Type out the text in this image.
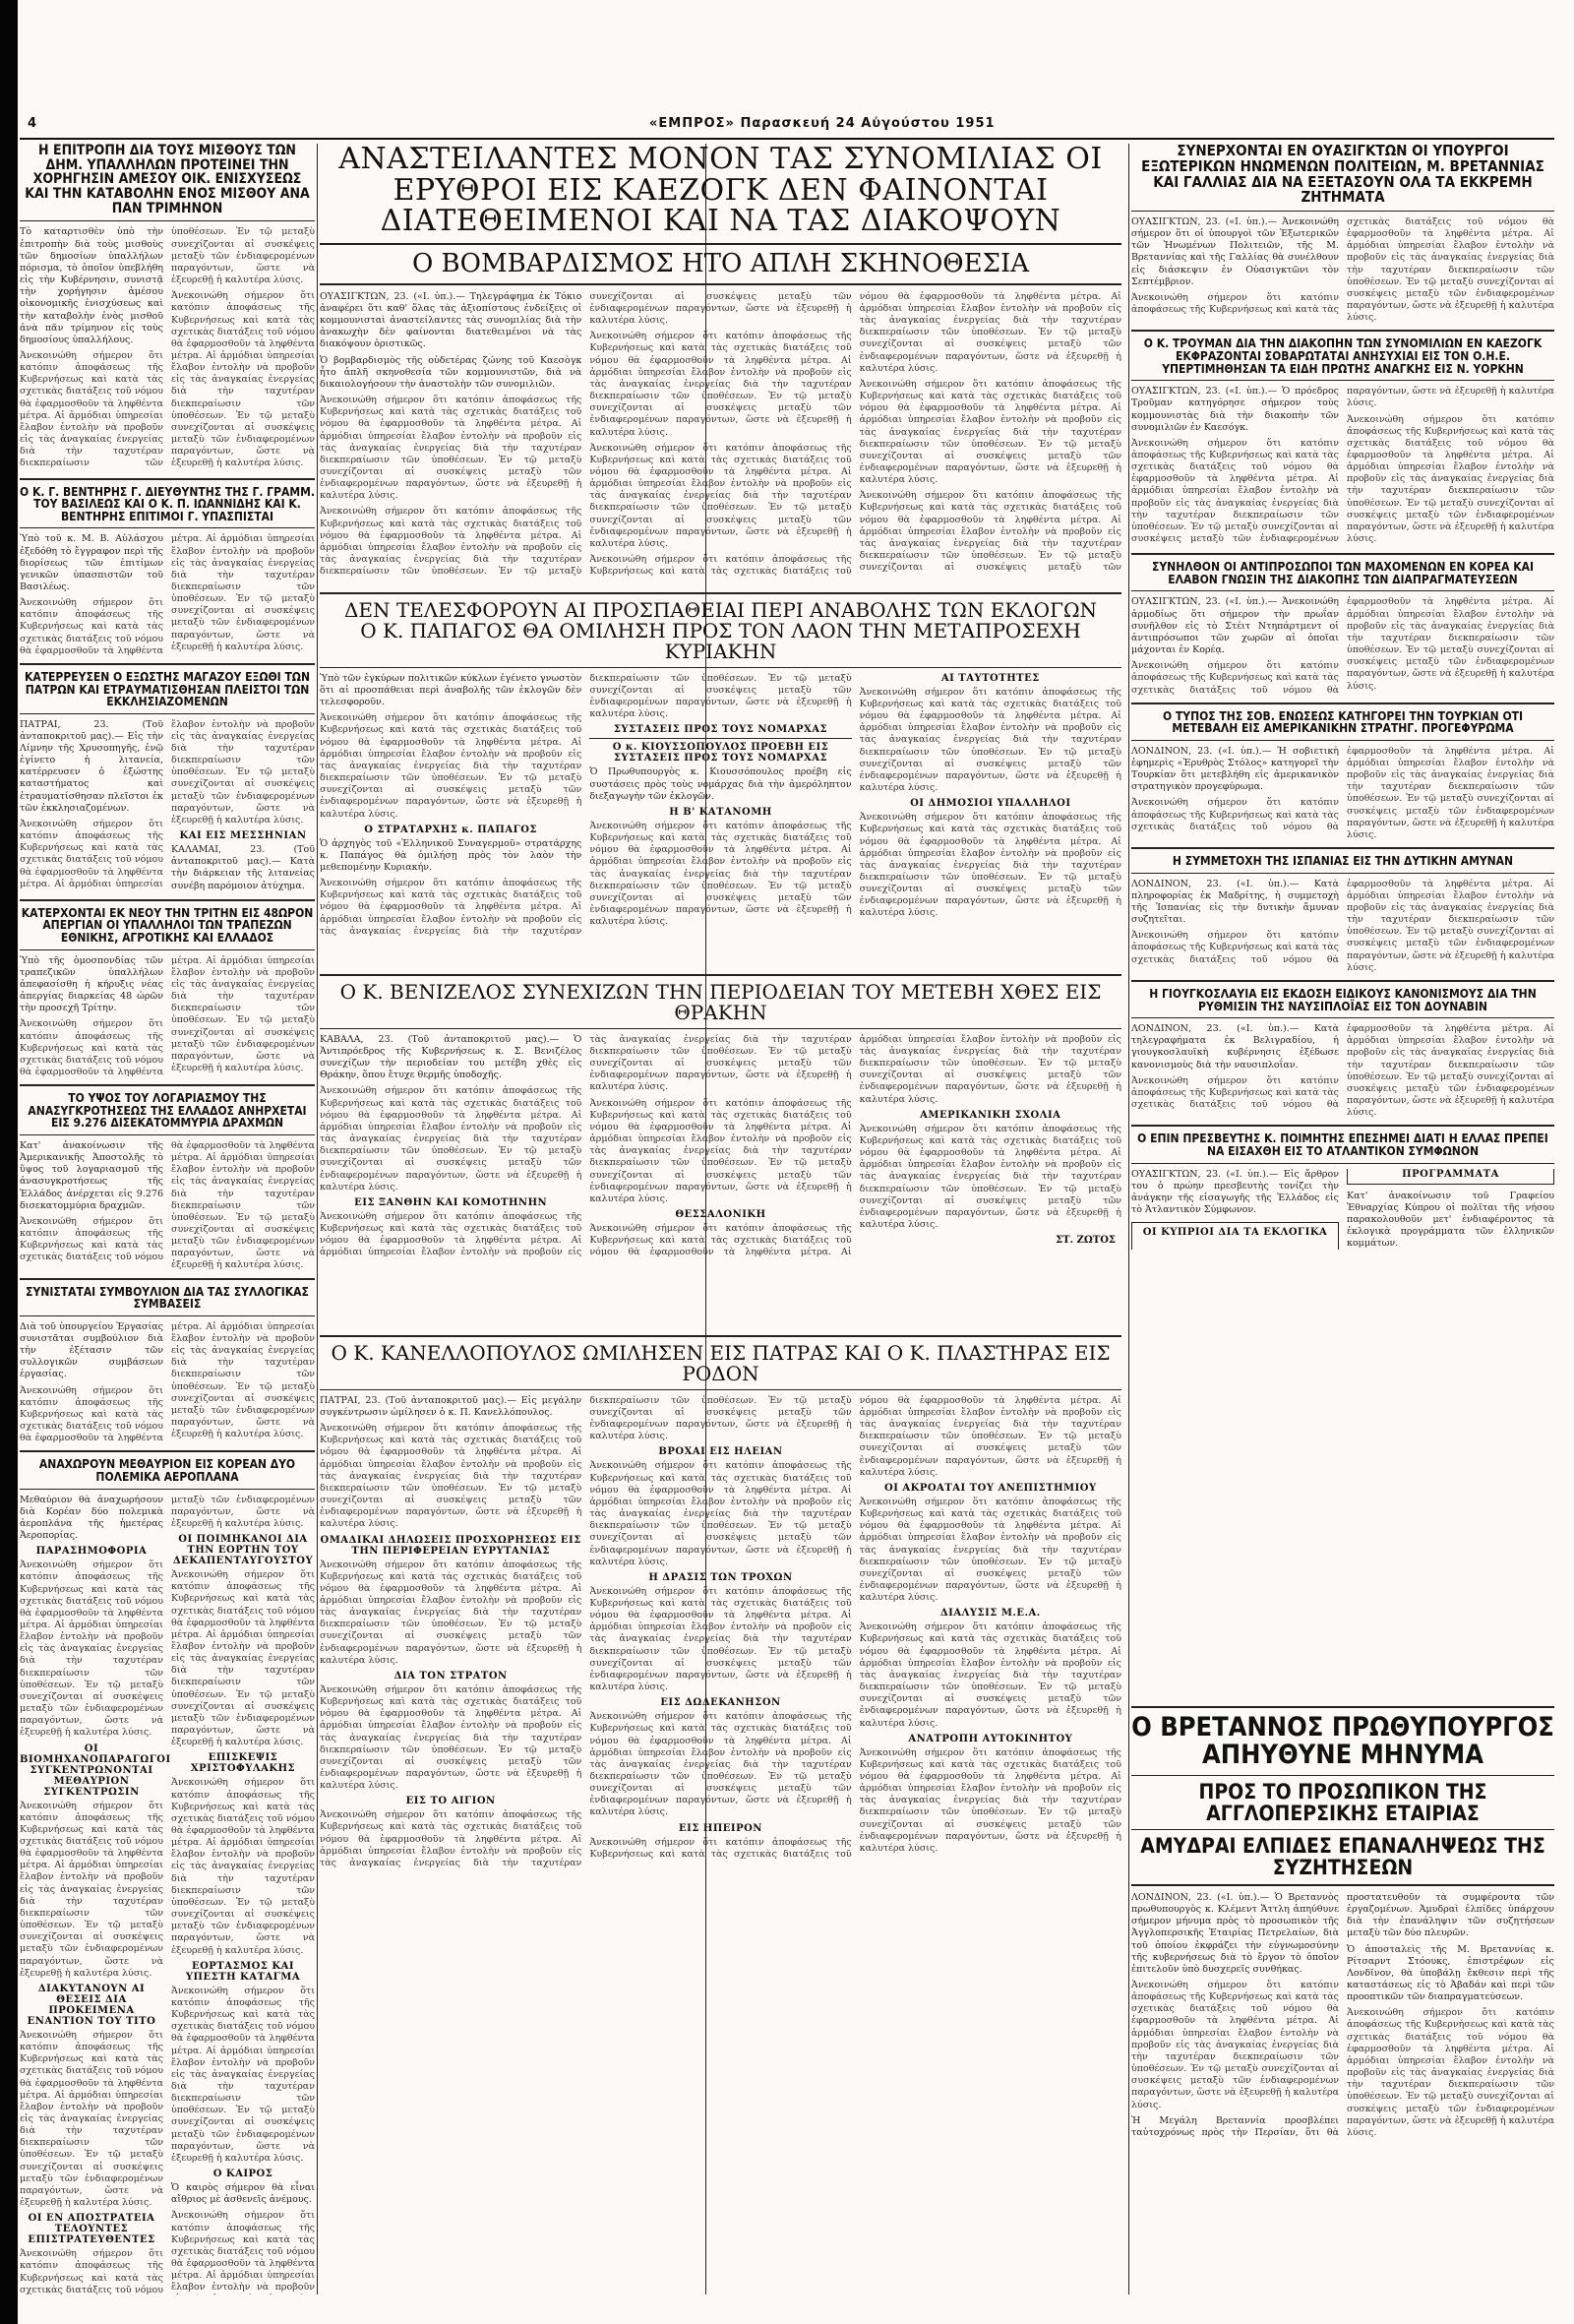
4	«ΕΜΠΡΟΣ» Παρασκευή 24 Αὐγούστου 1951
Η ΕΠΙΤΡΟΠΗ ΔΙΑ ΤΟΥΣ ΜΙΣΘΟΥΣ ΤΩΝ ΔΗΜ. ΥΠΑΛΛΗΛΩΝ ΠΡΟΤΕΙΝΕΙ ΤΗΝ ΧΟΡΗΓΗΣΙΝ ΑΜΕΣΟΥ ΟΙΚ. ΕΝΙΣΧΥΣΕΩΣ ΚΑΙ ΤΗΝ ΚΑΤΑΒΟΛΗΝ ΕΝΟΣ ΜΙΣΘΟΥ ΑΝΑ ΠΑΝ ΤΡΙΜΗΝΟΝ

Τὸ καταρτισθὲν ὑπὸ τὴν ἐπιτροπὴν διὰ τοὺς μισθοὺς τῶν δημοσίων ὑπαλλήλων πόρισμα, τὸ ὁποῖον ὑπεβλήθη εἰς τὴν Κυβέρνησιν, συνιστᾷ τὴν χορήγησιν ἀμέσου οἰκονομικῆς ἐνισχύσεως καὶ τὴν καταβολὴν ἑνὸς μισθοῦ ἀνὰ πᾶν τρίμηνον εἰς τοὺς δημοσίους ὑπαλλήλους.

Ἀνεκοινώθη σήμερον ὅτι κατόπιν ἀποφάσεως τῆς Κυβερνήσεως καὶ κατὰ τὰς σχετικὰς διατάξεις τοῦ νόμου θὰ ἐφαρμοσθοῦν τὰ ληφθέντα μέτρα. Αἱ ἁρμόδιαι ὑπηρεσίαι ἔλαβον ἐντολὴν νὰ προβοῦν εἰς τὰς ἀναγκαίας ἐνεργείας διὰ τὴν ταχυτέραν διεκπεραίωσιν τῶν ὑποθέσεων. Ἐν τῷ μεταξὺ συνεχίζονται αἱ συσκέψεις μεταξὺ τῶν ἐνδιαφερομένων παραγόντων, ὥστε νὰ ἐξευρεθῇ ἡ καλυτέρα λύσις.

Ἀνεκοινώθη σήμερον ὅτι κατόπιν ἀποφάσεως τῆς Κυβερνήσεως καὶ κατὰ τὰς σχετικὰς διατάξεις τοῦ νόμου θὰ ἐφαρμοσθοῦν τὰ ληφθέντα μέτρα. Αἱ ἁρμόδιαι ὑπηρεσίαι ἔλαβον ἐντολὴν νὰ προβοῦν εἰς τὰς ἀναγκαίας ἐνεργείας διὰ τὴν ταχυτέραν διεκπεραίωσιν τῶν ὑποθέσεων. Ἐν τῷ μεταξὺ συνεχίζονται αἱ συσκέψεις μεταξὺ τῶν ἐνδιαφερομένων παραγόντων, ὥστε νὰ ἐξευρεθῇ ἡ καλυτέρα λύσις.

Ο Κ. Γ. ΒΕΝΤΗΡΗΣ Γ. ΔΙΕΥΘΥΝΤΗΣ ΤΗΣ Γ. ΓΡΑΜΜ. ΤΟΥ ΒΑΣΙΛΕΩΣ ΚΑΙ Ο Κ. Π. ΙΩΑΝΝΙΔΗΣ ΚΑΙ Κ. ΒΕΝΤΗΡΗΣ ΕΠΙΤΙΜΟΙ Γ. ΥΠΑΣΠΙΣΤΑΙ

Ὑπὸ τοῦ κ. Μ. Β. Αὐλάσχου ἐξεδόθη τὸ ἔγγραφον περὶ τῆς διορίσεως τῶν ἐπιτίμων γενικῶν ὑπασπιστῶν τοῦ Βασιλέως.

Ἀνεκοινώθη σήμερον ὅτι κατόπιν ἀποφάσεως τῆς Κυβερνήσεως καὶ κατὰ τὰς σχετικὰς διατάξεις τοῦ νόμου θὰ ἐφαρμοσθοῦν τὰ ληφθέντα μέτρα. Αἱ ἁρμόδιαι ὑπηρεσίαι ἔλαβον ἐντολὴν νὰ προβοῦν εἰς τὰς ἀναγκαίας ἐνεργείας διὰ τὴν ταχυτέραν διεκπεραίωσιν τῶν ὑποθέσεων. Ἐν τῷ μεταξὺ συνεχίζονται αἱ συσκέψεις μεταξὺ τῶν ἐνδιαφερομένων παραγόντων, ὥστε νὰ ἐξευρεθῇ ἡ καλυτέρα λύσις.

ΚΑΤΕΡΡΕΥΣΕΝ Ο ΕΞΩΣΤΗΣ ΜΑΓΑΖΟΥ ΕΞΩΘΙ ΤΩΝ ΠΑΤΡΩΝ ΚΑΙ ΕΤΡΑΥΜΑΤΙΣΘΗΣΑΝ ΠΛΕΙΣΤΟΙ ΤΩΝ ΕΚΚΛΗΣΙΑΖΟΜΕΝΩΝ

ΠΑΤΡΑΙ, 23. (Τοῦ ἀνταποκριτοῦ μας).— Εἰς τὴν Λίμνην τῆς Χρυσοπηγῆς, ἐνῷ ἐγίνετο ἡ λιτανεία, κατέρρευσεν ὁ ἐξώστης καταστήματος καὶ ἐτραυματίσθησαν πλεῖστοι ἐκ τῶν ἐκκλησιαζομένων.

Ἀνεκοινώθη σήμερον ὅτι κατόπιν ἀποφάσεως τῆς Κυβερνήσεως καὶ κατὰ τὰς σχετικὰς διατάξεις τοῦ νόμου θὰ ἐφαρμοσθοῦν τὰ ληφθέντα μέτρα. Αἱ ἁρμόδιαι ὑπηρεσίαι ἔλαβον ἐντολὴν νὰ προβοῦν εἰς τὰς ἀναγκαίας ἐνεργείας διὰ τὴν ταχυτέραν διεκπεραίωσιν τῶν ὑποθέσεων. Ἐν τῷ μεταξὺ συνεχίζονται αἱ συσκέψεις μεταξὺ τῶν ἐνδιαφερομένων παραγόντων, ὥστε νὰ ἐξευρεθῇ ἡ καλυτέρα λύσις.

ΚΑΙ ΕΙΣ ΜΕΣΣΗΝΙΑΝ

ΚΑΛΑΜΑΙ, 23. (Τοῦ ἀνταποκριτοῦ μας).— Κατὰ τὴν διάρκειαν τῆς λιτανείας συνέβη παρόμοιον ἀτύχημα.

ΚΑΤΕΡΧΟΝΤΑΙ ΕΚ ΝΕΟΥ ΤΗΝ ΤΡΙΤΗΝ ΕΙΣ 48ΩΡΟΝ ΑΠΕΡΓΙΑΝ ΟΙ ΥΠΑΛΛΗΛΟΙ ΤΩΝ ΤΡΑΠΕΖΩΝ ΕΘΝΙΚΗΣ, ΑΓΡΟΤΙΚΗΣ ΚΑΙ ΕΛΛΑΔΟΣ

Ὑπὸ τῆς ὁμοσπονδίας τῶν τραπεζικῶν ὑπαλλήλων ἀπεφασίσθη ἡ κήρυξις νέας ἀπεργίας διαρκείας 48 ὡρῶν τὴν προσεχῆ Τρίτην.

Ἀνεκοινώθη σήμερον ὅτι κατόπιν ἀποφάσεως τῆς Κυβερνήσεως καὶ κατὰ τὰς σχετικὰς διατάξεις τοῦ νόμου θὰ ἐφαρμοσθοῦν τὰ ληφθέντα μέτρα. Αἱ ἁρμόδιαι ὑπηρεσίαι ἔλαβον ἐντολὴν νὰ προβοῦν εἰς τὰς ἀναγκαίας ἐνεργείας διὰ τὴν ταχυτέραν διεκπεραίωσιν τῶν ὑποθέσεων. Ἐν τῷ μεταξὺ συνεχίζονται αἱ συσκέψεις μεταξὺ τῶν ἐνδιαφερομένων παραγόντων, ὥστε νὰ ἐξευρεθῇ ἡ καλυτέρα λύσις.

ΤΟ ΥΨΟΣ ΤΟΥ ΛΟΓΑΡΙΑΣΜΟΥ ΤΗΣ ΑΝΑΣΥΓΚΡΟΤΗΣΕΩΣ ΤΗΣ ΕΛΛΑΔΟΣ ΑΝΗΡΧΕΤΑΙ ΕΙΣ 9.276 ΔΙΣΕΚΑΤΟΜΜΥΡΙΑ ΔΡΑΧΜΩΝ

Κατ' ἀνακοίνωσιν τῆς Ἀμερικανικῆς Ἀποστολῆς τὸ ὕψος τοῦ λογαριασμοῦ τῆς ἀνασυγκροτήσεως τῆς Ἑλλάδος ἀνέρχεται εἰς 9.276 δισεκατομμύρια δραχμῶν.

Ἀνεκοινώθη σήμερον ὅτι κατόπιν ἀποφάσεως τῆς Κυβερνήσεως καὶ κατὰ τὰς σχετικὰς διατάξεις τοῦ νόμου θὰ ἐφαρμοσθοῦν τὰ ληφθέντα μέτρα. Αἱ ἁρμόδιαι ὑπηρεσίαι ἔλαβον ἐντολὴν νὰ προβοῦν εἰς τὰς ἀναγκαίας ἐνεργείας διὰ τὴν ταχυτέραν διεκπεραίωσιν τῶν ὑποθέσεων. Ἐν τῷ μεταξὺ συνεχίζονται αἱ συσκέψεις μεταξὺ τῶν ἐνδιαφερομένων παραγόντων, ὥστε νὰ ἐξευρεθῇ ἡ καλυτέρα λύσις.

ΣΥΝΙΣΤΑΤΑΙ ΣΥΜΒΟΥΛΙΟΝ ΔΙΑ ΤΑΣ ΣΥΛΛΟΓΙΚΑΣ ΣΥΜΒΑΣΕΙΣ

Διὰ τοῦ ὑπουργείου Ἐργασίας συνιστᾶται συμβούλιον διὰ τὴν ἐξέτασιν τῶν συλλογικῶν συμβάσεων ἐργασίας.

Ἀνεκοινώθη σήμερον ὅτι κατόπιν ἀποφάσεως τῆς Κυβερνήσεως καὶ κατὰ τὰς σχετικὰς διατάξεις τοῦ νόμου θὰ ἐφαρμοσθοῦν τὰ ληφθέντα μέτρα. Αἱ ἁρμόδιαι ὑπηρεσίαι ἔλαβον ἐντολὴν νὰ προβοῦν εἰς τὰς ἀναγκαίας ἐνεργείας διὰ τὴν ταχυτέραν διεκπεραίωσιν τῶν ὑποθέσεων. Ἐν τῷ μεταξὺ συνεχίζονται αἱ συσκέψεις μεταξὺ τῶν ἐνδιαφερομένων παραγόντων, ὥστε νὰ ἐξευρεθῇ ἡ καλυτέρα λύσις.

ΑΝΑΧΩΡΟΥΝ ΜΕΘΑΥΡΙΟΝ ΕΙΣ ΚΟΡΕΑΝ ΔΥΟ ΠΟΛΕΜΙΚΑ ΑΕΡΟΠΛΑΝΑ

Μεθαύριον θὰ ἀναχωρήσουν διὰ Κορέαν δύο πολεμικὰ ἀεροπλάνα τῆς ἡμετέρας Ἀεροπορίας.

ΠΑΡΑΣΗΜΟΦΟΡΙΑ

Ἀνεκοινώθη σήμερον ὅτι κατόπιν ἀποφάσεως τῆς Κυβερνήσεως καὶ κατὰ τὰς σχετικὰς διατάξεις τοῦ νόμου θὰ ἐφαρμοσθοῦν τὰ ληφθέντα μέτρα. Αἱ ἁρμόδιαι ὑπηρεσίαι ἔλαβον ἐντολὴν νὰ προβοῦν εἰς τὰς ἀναγκαίας ἐνεργείας διὰ τὴν ταχυτέραν διεκπεραίωσιν τῶν ὑποθέσεων. Ἐν τῷ μεταξὺ συνεχίζονται αἱ συσκέψεις μεταξὺ τῶν ἐνδιαφερομένων παραγόντων, ὥστε νὰ ἐξευρεθῇ ἡ καλυτέρα λύσις.

ΟΙ ΒΙΟΜΗΧΑΝΟΠΑΡΑΓΩΓΟΙ ΣΥΓΚΕΝΤΡΩΝΟΝΤΑΙ ΜΕΘΑΥΡΙΟΝ ΣΥΓΚΕΝΤΡΩΣΙΝ

Ἀνεκοινώθη σήμερον ὅτι κατόπιν ἀποφάσεως τῆς Κυβερνήσεως καὶ κατὰ τὰς σχετικὰς διατάξεις τοῦ νόμου θὰ ἐφαρμοσθοῦν τὰ ληφθέντα μέτρα. Αἱ ἁρμόδιαι ὑπηρεσίαι ἔλαβον ἐντολὴν νὰ προβοῦν εἰς τὰς ἀναγκαίας ἐνεργείας διὰ τὴν ταχυτέραν διεκπεραίωσιν τῶν ὑποθέσεων. Ἐν τῷ μεταξὺ συνεχίζονται αἱ συσκέψεις μεταξὺ τῶν ἐνδιαφερομένων παραγόντων, ὥστε νὰ ἐξευρεθῇ ἡ καλυτέρα λύσις.

ΔΙΑΚΥΤΑΝΟΥΝ ΑΙ ΘΕΣΕΙΣ ΔΙΑ ΠΡΟΚΕΙΜΕΝΑ ΕΝΑΝΤΙΟΝ ΤΟΥ ΤΙΤΟ

Ἀνεκοινώθη σήμερον ὅτι κατόπιν ἀποφάσεως τῆς Κυβερνήσεως καὶ κατὰ τὰς σχετικὰς διατάξεις τοῦ νόμου θὰ ἐφαρμοσθοῦν τὰ ληφθέντα μέτρα. Αἱ ἁρμόδιαι ὑπηρεσίαι ἔλαβον ἐντολὴν νὰ προβοῦν εἰς τὰς ἀναγκαίας ἐνεργείας διὰ τὴν ταχυτέραν διεκπεραίωσιν τῶν ὑποθέσεων. Ἐν τῷ μεταξὺ συνεχίζονται αἱ συσκέψεις μεταξὺ τῶν ἐνδιαφερομένων παραγόντων, ὥστε νὰ ἐξευρεθῇ ἡ καλυτέρα λύσις.

ΟΙ ΕΝ ΑΠΟΣΤΡΑΤΕΙΑ ΤΕΛΟΥΝΤΕΣ ΕΠΙΣΤΡΑΤΕΥΘΕΝΤΕΣ

Ἀνεκοινώθη σήμερον ὅτι κατόπιν ἀποφάσεως τῆς Κυβερνήσεως καὶ κατὰ τὰς σχετικὰς διατάξεις τοῦ νόμου μεταξὺ τῶν ἐνδιαφερομένων παραγόντων, ὥστε νὰ ἐξευρεθῇ ἡ καλυτέρα λύσις.

ΟΙ ΠΟΙΜΗΚΑΝΟΙ ΔΙΑ ΤΗΝ ΕΟΡΤΗΝ ΤΟΥ ΔΕΚΑΠΕΝΤΑΥΓΟΥΣΤΟΥ

Ἀνεκοινώθη σήμερον ὅτι κατόπιν ἀποφάσεως τῆς Κυβερνήσεως καὶ κατὰ τὰς σχετικὰς διατάξεις τοῦ νόμου θὰ ἐφαρμοσθοῦν τὰ ληφθέντα μέτρα. Αἱ ἁρμόδιαι ὑπηρεσίαι ἔλαβον ἐντολὴν νὰ προβοῦν εἰς τὰς ἀναγκαίας ἐνεργείας διὰ τὴν ταχυτέραν διεκπεραίωσιν τῶν ὑποθέσεων. Ἐν τῷ μεταξὺ συνεχίζονται αἱ συσκέψεις μεταξὺ τῶν ἐνδιαφερομένων παραγόντων, ὥστε νὰ ἐξευρεθῇ ἡ καλυτέρα λύσις.

ΕΠΙΣΚΕΨΙΣ ΧΡΙΣΤΟΦΥΛΑΚΗΣ

Ἀνεκοινώθη σήμερον ὅτι κατόπιν ἀποφάσεως τῆς Κυβερνήσεως καὶ κατὰ τὰς σχετικὰς διατάξεις τοῦ νόμου θὰ ἐφαρμοσθοῦν τὰ ληφθέντα μέτρα. Αἱ ἁρμόδιαι ὑπηρεσίαι ἔλαβον ἐντολὴν νὰ προβοῦν εἰς τὰς ἀναγκαίας ἐνεργείας διὰ τὴν ταχυτέραν διεκπεραίωσιν τῶν ὑποθέσεων. Ἐν τῷ μεταξὺ συνεχίζονται αἱ συσκέψεις μεταξὺ τῶν ἐνδιαφερομένων παραγόντων, ὥστε νὰ ἐξευρεθῇ ἡ καλυτέρα λύσις.

ΕΟΡΤΑΣΜΟΣ ΚΑΙ ΥΠΕΣΤΗ ΚΑΤΑΓΜΑ

Ἀνεκοινώθη σήμερον ὅτι κατόπιν ἀποφάσεως τῆς Κυβερνήσεως καὶ κατὰ τὰς σχετικὰς διατάξεις τοῦ νόμου θὰ ἐφαρμοσθοῦν τὰ ληφθέντα μέτρα. Αἱ ἁρμόδιαι ὑπηρεσίαι ἔλαβον ἐντολὴν νὰ προβοῦν εἰς τὰς ἀναγκαίας ἐνεργείας διὰ τὴν ταχυτέραν διεκπεραίωσιν τῶν ὑποθέσεων. Ἐν τῷ μεταξὺ συνεχίζονται αἱ συσκέψεις μεταξὺ τῶν ἐνδιαφερομένων παραγόντων, ὥστε νὰ ἐξευρεθῇ ἡ καλυτέρα λύσις.

Ο ΚΑΙΡΟΣ

Ὁ καιρὸς σήμερον θὰ εἶναι αἴθριος μὲ ἀσθενεῖς ἀνέμους.

Ἀνεκοινώθη σήμερον ὅτι κατόπιν ἀποφάσεως τῆς Κυβερνήσεως καὶ κατὰ τὰς σχετικὰς διατάξεις τοῦ νόμου θὰ ἐφαρμοσθοῦν τὰ ληφθέντα μέτρα. Αἱ ἁρμόδιαι ὑπηρεσίαι ἔλαβον ἐντολὴν νὰ προβοῦν

ΑΝΑΣΤΕΙΛΑΝΤΕΣ ΜΟΝΟΝ ΤΑΣ ΣΥΝΟΜΙΛΙΑΣ ΟΙ ΕΡΥΘΡΟΙ ΕΙΣ ΚΑΕΖΟΓΚ ΔΕΝ ΦΑΙΝΟΝΤΑΙ ΔΙΑΤΕΘΕΙΜΕΝΟΙ ΚΑΙ ΝΑ ΤΑΣ ΔΙΑΚΟΨΟΥΝ
Ο ΒΟΜΒΑΡΔΙΣΜΟΣ ΗΤΟ ΑΠΛΗ ΣΚΗΝΟΘΕΣΙΑ

ΟΥΑΣΙΓΚΤΩΝ, 23. («Ι. ὑπ.).— Τηλεγράφημα ἐκ Τόκιο ἀναφέρει ὅτι καθ' ὅλας τὰς ἀξιοπίστους ἐνδείξεις οἱ κομμουνισταὶ ἀναστείλαντες τὰς συνομιλίας διὰ τὴν ἀνακωχὴν δὲν φαίνονται διατεθειμένοι νὰ τὰς διακόψουν ὁριστικῶς.

Ὁ βομβαρδισμὸς τῆς οὐδετέρας ζώνης τοῦ Καεσὸγκ ἦτο ἁπλῆ σκηνοθεσία τῶν κομμουνιστῶν, διὰ νὰ δικαιολογήσουν τὴν ἀναστολὴν τῶν συνομιλιῶν.

Ἀνεκοινώθη σήμερον ὅτι κατόπιν ἀποφάσεως τῆς Κυβερνήσεως καὶ κατὰ τὰς σχετικὰς διατάξεις τοῦ νόμου θὰ ἐφαρμοσθοῦν τὰ ληφθέντα μέτρα. Αἱ ἁρμόδιαι ὑπηρεσίαι ἔλαβον ἐντολὴν νὰ προβοῦν εἰς τὰς ἀναγκαίας ἐνεργείας διὰ τὴν ταχυτέραν διεκπεραίωσιν τῶν ὑποθέσεων. Ἐν τῷ μεταξὺ συνεχίζονται αἱ συσκέψεις μεταξὺ τῶν ἐνδιαφερομένων παραγόντων, ὥστε νὰ ἐξευρεθῇ ἡ καλυτέρα λύσις.

Ἀνεκοινώθη σήμερον ὅτι κατόπιν ἀποφάσεως τῆς Κυβερνήσεως καὶ κατὰ τὰς σχετικὰς διατάξεις τοῦ νόμου θὰ ἐφαρμοσθοῦν τὰ ληφθέντα μέτρα. Αἱ ἁρμόδιαι ὑπηρεσίαι ἔλαβον ἐντολὴν νὰ προβοῦν εἰς τὰς ἀναγκαίας ἐνεργείας διὰ τὴν ταχυτέραν διεκπεραίωσιν τῶν ὑποθέσεων. Ἐν τῷ μεταξὺ συνεχίζονται αἱ συσκέψεις μεταξὺ τῶν ἐνδιαφερομένων παραγόντων, ὥστε νὰ ἐξευρεθῇ ἡ καλυτέρα λύσις.

Ἀνεκοινώθη σήμερον ὅτι κατόπιν ἀποφάσεως τῆς Κυβερνήσεως καὶ κατὰ τὰς σχετικὰς διατάξεις τοῦ νόμου θὰ ἐφαρμοσθοῦν τὰ ληφθέντα μέτρα. Αἱ ἁρμόδιαι ὑπηρεσίαι ἔλαβον ἐντολὴν νὰ προβοῦν εἰς τὰς ἀναγκαίας ἐνεργείας διὰ τὴν ταχυτέραν διεκπεραίωσιν τῶν ὑποθέσεων. Ἐν τῷ μεταξὺ συνεχίζονται αἱ συσκέψεις μεταξὺ τῶν ἐνδιαφερομένων παραγόντων, ὥστε νὰ ἐξευρεθῇ ἡ καλυτέρα λύσις.

Ἀνεκοινώθη σήμερον ὅτι κατόπιν ἀποφάσεως τῆς Κυβερνήσεως καὶ κατὰ τὰς σχετικὰς διατάξεις τοῦ νόμου θὰ ἐφαρμοσθοῦν τὰ ληφθέντα μέτρα. Αἱ ἁρμόδιαι ὑπηρεσίαι ἔλαβον ἐντολὴν νὰ προβοῦν εἰς τὰς ἀναγκαίας ἐνεργείας διὰ τὴν ταχυτέραν διεκπεραίωσιν τῶν ὑποθέσεων. Ἐν τῷ μεταξὺ συνεχίζονται αἱ συσκέψεις μεταξὺ τῶν ἐνδιαφερομένων παραγόντων, ὥστε νὰ ἐξευρεθῇ ἡ καλυτέρα λύσις.

Ἀνεκοινώθη σήμερον ὅτι κατόπιν ἀποφάσεως τῆς Κυβερνήσεως καὶ κατὰ τὰς σχετικὰς διατάξεις τοῦ νόμου θὰ ἐφαρμοσθοῦν τὰ ληφθέντα μέτρα. Αἱ ἁρμόδιαι ὑπηρεσίαι ἔλαβον ἐντολὴν νὰ προβοῦν εἰς τὰς ἀναγκαίας ἐνεργείας διὰ τὴν ταχυτέραν διεκπεραίωσιν τῶν ὑποθέσεων. Ἐν τῷ μεταξὺ συνεχίζονται αἱ συσκέψεις μεταξὺ τῶν ἐνδιαφερομένων παραγόντων, ὥστε νὰ ἐξευρεθῇ ἡ καλυτέρα λύσις.

Ἀνεκοινώθη σήμερον ὅτι κατόπιν ἀποφάσεως τῆς Κυβερνήσεως καὶ κατὰ τὰς σχετικὰς διατάξεις τοῦ νόμου θὰ ἐφαρμοσθοῦν τὰ ληφθέντα μέτρα. Αἱ ἁρμόδιαι ὑπηρεσίαι ἔλαβον ἐντολὴν νὰ προβοῦν εἰς τὰς ἀναγκαίας ἐνεργείας διὰ τὴν ταχυτέραν διεκπεραίωσιν τῶν ὑποθέσεων. Ἐν τῷ μεταξὺ συνεχίζονται αἱ συσκέψεις μεταξὺ τῶν ἐνδιαφερομένων παραγόντων, ὥστε νὰ ἐξευρεθῇ ἡ καλυτέρα λύσις.

Ἀνεκοινώθη σήμερον ὅτι κατόπιν ἀποφάσεως τῆς Κυβερνήσεως καὶ κατὰ τὰς σχετικὰς διατάξεις τοῦ νόμου θὰ ἐφαρμοσθοῦν τὰ ληφθέντα μέτρα. Αἱ ἁρμόδιαι ὑπηρεσίαι ἔλαβον ἐντολὴν νὰ προβοῦν εἰς τὰς ἀναγκαίας ἐνεργείας διὰ τὴν ταχυτέραν διεκπεραίωσιν τῶν ὑποθέσεων. Ἐν τῷ μεταξὺ συνεχίζονται αἱ συσκέψεις μεταξὺ τῶν

ΔΕΝ ΤΕΛΕΣΦΟΡΟΥΝ ΑΙ ΠΡΟΣΠΑΘΕΙΑΙ ΠΕΡΙ ΑΝΑΒΟΛΗΣ ΤΩΝ ΕΚΛΟΓΩΝ
Ο Κ. ΠΑΠΑΓΟΣ ΘΑ ΟΜΙΛΗΣΗ ΠΡΟΣ ΤΟΝ ΛΑΟΝ ΤΗΝ ΜΕΤΑΠΡΟΣΕΧΗ ΚΥΡΙΑΚΗΝ

Ὑπὸ τῶν ἐγκύρων πολιτικῶν κύκλων ἐγένετο γνωστὸν ὅτι αἱ προσπάθειαι περὶ ἀναβολῆς τῶν ἐκλογῶν δὲν τελεσφοροῦν.

Ἀνεκοινώθη σήμερον ὅτι κατόπιν ἀποφάσεως τῆς Κυβερνήσεως καὶ κατὰ τὰς σχετικὰς διατάξεις τοῦ νόμου θὰ ἐφαρμοσθοῦν τὰ ληφθέντα μέτρα. Αἱ ἁρμόδιαι ὑπηρεσίαι ἔλαβον ἐντολὴν νὰ προβοῦν εἰς τὰς ἀναγκαίας ἐνεργείας διὰ τὴν ταχυτέραν διεκπεραίωσιν τῶν ὑποθέσεων. Ἐν τῷ μεταξὺ συνεχίζονται αἱ συσκέψεις μεταξὺ τῶν ἐνδιαφερομένων παραγόντων, ὥστε νὰ ἐξευρεθῇ ἡ καλυτέρα λύσις.

Ο ΣΤΡΑΤΑΡΧΗΣ κ. ΠΑΠΑΓΟΣ

Ὁ ἀρχηγὸς τοῦ «Ἑλληνικοῦ Συναγερμοῦ» στρατάρχης κ. Παπάγος θὰ ὁμιλήσῃ πρὸς τὸν λαὸν τὴν μεθεπομένην Κυριακήν.

Ἀνεκοινώθη σήμερον ὅτι κατόπιν ἀποφάσεως τῆς Κυβερνήσεως καὶ κατὰ τὰς σχετικὰς διατάξεις τοῦ νόμου θὰ ἐφαρμοσθοῦν τὰ ληφθέντα μέτρα. Αἱ ἁρμόδιαι ὑπηρεσίαι ἔλαβον ἐντολὴν νὰ προβοῦν εἰς τὰς ἀναγκαίας ἐνεργείας διὰ τὴν ταχυτέραν διεκπεραίωσιν τῶν ὑποθέσεων. Ἐν τῷ μεταξὺ συνεχίζονται αἱ συσκέψεις μεταξὺ τῶν ἐνδιαφερομένων παραγόντων, ὥστε νὰ ἐξευρεθῇ ἡ καλυτέρα λύσις.

ΣΥΣΤΑΣΕΙΣ ΠΡΟΣ ΤΟΥΣ ΝΟΜΑΡΧΑΣ
Ο κ. ΚΙΟΥΣΣΟΠΟΥΛΟΣ ΠΡΟΕΒΗ ΕΙΣ ΣΥΣΤΑΣΕΙΣ ΠΡΟΣ ΤΟΥΣ ΝΟΜΑΡΧΑΣ

Ὁ Πρωθυπουργὸς κ. Κιουσσόπουλος προέβη εἰς συστάσεις πρὸς τοὺς νομάρχας διὰ τὴν ἀμερόληπτον διεξαγωγὴν τῶν ἐκλογῶν.

Η Β' ΚΑΤΑΝΟΜΗ

Ἀνεκοινώθη σήμερον ὅτι κατόπιν ἀποφάσεως τῆς Κυβερνήσεως καὶ κατὰ τὰς σχετικὰς διατάξεις τοῦ νόμου θὰ ἐφαρμοσθοῦν τὰ ληφθέντα μέτρα. Αἱ ἁρμόδιαι ὑπηρεσίαι ἔλαβον ἐντολὴν νὰ προβοῦν εἰς τὰς ἀναγκαίας ἐνεργείας διὰ τὴν ταχυτέραν διεκπεραίωσιν τῶν ὑποθέσεων. Ἐν τῷ μεταξὺ συνεχίζονται αἱ συσκέψεις μεταξὺ τῶν ἐνδιαφερομένων παραγόντων, ὥστε νὰ ἐξευρεθῇ ἡ καλυτέρα λύσις.

ΑΙ ΤΑΥΤΟΤΗΤΕΣ

Ἀνεκοινώθη σήμερον ὅτι κατόπιν ἀποφάσεως τῆς Κυβερνήσεως καὶ κατὰ τὰς σχετικὰς διατάξεις τοῦ νόμου θὰ ἐφαρμοσθοῦν τὰ ληφθέντα μέτρα. Αἱ ἁρμόδιαι ὑπηρεσίαι ἔλαβον ἐντολὴν νὰ προβοῦν εἰς τὰς ἀναγκαίας ἐνεργείας διὰ τὴν ταχυτέραν διεκπεραίωσιν τῶν ὑποθέσεων. Ἐν τῷ μεταξὺ συνεχίζονται αἱ συσκέψεις μεταξὺ τῶν ἐνδιαφερομένων παραγόντων, ὥστε νὰ ἐξευρεθῇ ἡ καλυτέρα λύσις.

ΟΙ ΔΗΜΟΣΙΟΙ ΥΠΑΛΛΗΛΟΙ

Ἀνεκοινώθη σήμερον ὅτι κατόπιν ἀποφάσεως τῆς Κυβερνήσεως καὶ κατὰ τὰς σχετικὰς διατάξεις τοῦ νόμου θὰ ἐφαρμοσθοῦν τὰ ληφθέντα μέτρα. Αἱ ἁρμόδιαι ὑπηρεσίαι ἔλαβον ἐντολὴν νὰ προβοῦν εἰς τὰς ἀναγκαίας ἐνεργείας διὰ τὴν ταχυτέραν διεκπεραίωσιν τῶν ὑποθέσεων. Ἐν τῷ μεταξὺ συνεχίζονται αἱ συσκέψεις μεταξὺ τῶν ἐνδιαφερομένων παραγόντων, ὥστε νὰ ἐξευρεθῇ ἡ καλυτέρα λύσις.

Ο Κ. ΒΕΝΙΖΕΛΟΣ ΣΥΝΕΧΙΖΩΝ ΤΗΝ ΠΕΡΙΟΔΕΙΑΝ ΤΟΥ ΜΕΤΕΒΗ ΧΘΕΣ ΕΙΣ ΘΡΑΚΗΝ

ΚΑΒΑΛΑ, 23. (Τοῦ ἀνταποκριτοῦ μας).— Ὁ Ἀντιπρόεδρος τῆς Κυβερνήσεως κ. Σ. Βενιζέλος συνεχίζων τὴν περιοδείαν του μετέβη χθὲς εἰς Θράκην, ὅπου ἔτυχε θερμῆς ὑποδοχῆς.

Ἀνεκοινώθη σήμερον ὅτι κατόπιν ἀποφάσεως τῆς Κυβερνήσεως καὶ κατὰ τὰς σχετικὰς διατάξεις τοῦ νόμου θὰ ἐφαρμοσθοῦν τὰ ληφθέντα μέτρα. Αἱ ἁρμόδιαι ὑπηρεσίαι ἔλαβον ἐντολὴν νὰ προβοῦν εἰς τὰς ἀναγκαίας ἐνεργείας διὰ τὴν ταχυτέραν διεκπεραίωσιν τῶν ὑποθέσεων. Ἐν τῷ μεταξὺ συνεχίζονται αἱ συσκέψεις μεταξὺ τῶν ἐνδιαφερομένων παραγόντων, ὥστε νὰ ἐξευρεθῇ ἡ καλυτέρα λύσις.

ΕΙΣ ΞΑΝΘΗΝ ΚΑΙ ΚΟΜΟΤΗΝΗΝ

Ἀνεκοινώθη σήμερον ὅτι κατόπιν ἀποφάσεως τῆς Κυβερνήσεως καὶ κατὰ τὰς σχετικὰς διατάξεις τοῦ νόμου θὰ ἐφαρμοσθοῦν τὰ ληφθέντα μέτρα. Αἱ ἁρμόδιαι ὑπηρεσίαι ἔλαβον ἐντολὴν νὰ προβοῦν εἰς τὰς ἀναγκαίας ἐνεργείας διὰ τὴν ταχυτέραν διεκπεραίωσιν τῶν ὑποθέσεων. Ἐν τῷ μεταξὺ συνεχίζονται αἱ συσκέψεις μεταξὺ τῶν ἐνδιαφερομένων παραγόντων, ὥστε νὰ ἐξευρεθῇ ἡ καλυτέρα λύσις.

Ἀνεκοινώθη σήμερον ὅτι κατόπιν ἀποφάσεως τῆς Κυβερνήσεως καὶ κατὰ τὰς σχετικὰς διατάξεις τοῦ νόμου θὰ ἐφαρμοσθοῦν τὰ ληφθέντα μέτρα. Αἱ ἁρμόδιαι ὑπηρεσίαι ἔλαβον ἐντολὴν νὰ προβοῦν εἰς τὰς ἀναγκαίας ἐνεργείας διὰ τὴν ταχυτέραν διεκπεραίωσιν τῶν ὑποθέσεων. Ἐν τῷ μεταξὺ συνεχίζονται αἱ συσκέψεις μεταξὺ τῶν ἐνδιαφερομένων παραγόντων, ὥστε νὰ ἐξευρεθῇ ἡ καλυτέρα λύσις.

ΘΕΣΣΑΛΟΝΙΚΗ

Ἀνεκοινώθη σήμερον ὅτι κατόπιν ἀποφάσεως τῆς Κυβερνήσεως καὶ κατὰ τὰς σχετικὰς διατάξεις τοῦ νόμου θὰ ἐφαρμοσθοῦν τὰ ληφθέντα μέτρα. Αἱ ἁρμόδιαι ὑπηρεσίαι ἔλαβον ἐντολὴν νὰ προβοῦν εἰς τὰς ἀναγκαίας ἐνεργείας διὰ τὴν ταχυτέραν διεκπεραίωσιν τῶν ὑποθέσεων. Ἐν τῷ μεταξὺ συνεχίζονται αἱ συσκέψεις μεταξὺ τῶν ἐνδιαφερομένων παραγόντων, ὥστε νὰ ἐξευρεθῇ ἡ καλυτέρα λύσις.

ΑΜΕΡΙΚΑΝΙΚΗ ΣΧΟΛΙΑ

Ἀνεκοινώθη σήμερον ὅτι κατόπιν ἀποφάσεως τῆς Κυβερνήσεως καὶ κατὰ τὰς σχετικὰς διατάξεις τοῦ νόμου θὰ ἐφαρμοσθοῦν τὰ ληφθέντα μέτρα. Αἱ ἁρμόδιαι ὑπηρεσίαι ἔλαβον ἐντολὴν νὰ προβοῦν εἰς τὰς ἀναγκαίας ἐνεργείας διὰ τὴν ταχυτέραν διεκπεραίωσιν τῶν ὑποθέσεων. Ἐν τῷ μεταξὺ συνεχίζονται αἱ συσκέψεις μεταξὺ τῶν ἐνδιαφερομένων παραγόντων, ὥστε νὰ ἐξευρεθῇ ἡ καλυτέρα λύσις.

ΣΤ. ΖΩΤΟΣ
Ο Κ. ΚΑΝΕΛΛΟΠΟΥΛΟΣ ΩΜΙΛΗΣΕΝ ΕΙΣ ΠΑΤΡΑΣ ΚΑΙ Ο Κ. ΠΛΑΣΤΗΡΑΣ ΕΙΣ ΡΟΔΟΝ

ΠΑΤΡΑΙ, 23. (Τοῦ ἀνταποκριτοῦ μας).— Εἰς μεγάλην συγκέντρωσιν ὡμίλησεν ὁ κ. Π. Κανελλόπουλος.

Ἀνεκοινώθη σήμερον ὅτι κατόπιν ἀποφάσεως τῆς Κυβερνήσεως καὶ κατὰ τὰς σχετικὰς διατάξεις τοῦ νόμου θὰ ἐφαρμοσθοῦν τὰ ληφθέντα μέτρα. Αἱ ἁρμόδιαι ὑπηρεσίαι ἔλαβον ἐντολὴν νὰ προβοῦν εἰς τὰς ἀναγκαίας ἐνεργείας διὰ τὴν ταχυτέραν διεκπεραίωσιν τῶν ὑποθέσεων. Ἐν τῷ μεταξὺ συνεχίζονται αἱ συσκέψεις μεταξὺ τῶν ἐνδιαφερομένων παραγόντων, ὥστε νὰ ἐξευρεθῇ ἡ καλυτέρα λύσις.

ΟΜΑΔΙΚΑΙ ΔΗΛΩΣΕΙΣ ΠΡΟΣΧΩΡΗΣΕΩΣ ΕΙΣ ΤΗΝ ΠΕΡΙΦΕΡΕΙΑΝ ΕΥΡΥΤΑΝΙΑΣ

Ἀνεκοινώθη σήμερον ὅτι κατόπιν ἀποφάσεως τῆς Κυβερνήσεως καὶ κατὰ τὰς σχετικὰς διατάξεις τοῦ νόμου θὰ ἐφαρμοσθοῦν τὰ ληφθέντα μέτρα. Αἱ ἁρμόδιαι ὑπηρεσίαι ἔλαβον ἐντολὴν νὰ προβοῦν εἰς τὰς ἀναγκαίας ἐνεργείας διὰ τὴν ταχυτέραν διεκπεραίωσιν τῶν ὑποθέσεων. Ἐν τῷ μεταξὺ συνεχίζονται αἱ συσκέψεις μεταξὺ τῶν ἐνδιαφερομένων παραγόντων, ὥστε νὰ ἐξευρεθῇ ἡ καλυτέρα λύσις.

ΔΙΑ ΤΟΝ ΣΤΡΑΤΟΝ

Ἀνεκοινώθη σήμερον ὅτι κατόπιν ἀποφάσεως τῆς Κυβερνήσεως καὶ κατὰ τὰς σχετικὰς διατάξεις τοῦ νόμου θὰ ἐφαρμοσθοῦν τὰ ληφθέντα μέτρα. Αἱ ἁρμόδιαι ὑπηρεσίαι ἔλαβον ἐντολὴν νὰ προβοῦν εἰς τὰς ἀναγκαίας ἐνεργείας διὰ τὴν ταχυτέραν διεκπεραίωσιν τῶν ὑποθέσεων. Ἐν τῷ μεταξὺ συνεχίζονται αἱ συσκέψεις μεταξὺ τῶν ἐνδιαφερομένων παραγόντων, ὥστε νὰ ἐξευρεθῇ ἡ καλυτέρα λύσις.

ΕΙΣ ΤΟ ΑΙΓΙΟΝ

Ἀνεκοινώθη σήμερον ὅτι κατόπιν ἀποφάσεως τῆς Κυβερνήσεως καὶ κατὰ τὰς σχετικὰς διατάξεις τοῦ νόμου θὰ ἐφαρμοσθοῦν τὰ ληφθέντα μέτρα. Αἱ ἁρμόδιαι ὑπηρεσίαι ἔλαβον ἐντολὴν νὰ προβοῦν εἰς τὰς ἀναγκαίας ἐνεργείας διὰ τὴν ταχυτέραν διεκπεραίωσιν τῶν ὑποθέσεων. Ἐν τῷ μεταξὺ συνεχίζονται αἱ συσκέψεις μεταξὺ τῶν ἐνδιαφερομένων παραγόντων, ὥστε νὰ ἐξευρεθῇ ἡ καλυτέρα λύσις.

ΒΡΟΧΑΙ ΕΙΣ ΗΛΕΙΑΝ

Ἀνεκοινώθη σήμερον ὅτι κατόπιν ἀποφάσεως τῆς Κυβερνήσεως καὶ κατὰ τὰς σχετικὰς διατάξεις τοῦ νόμου θὰ ἐφαρμοσθοῦν τὰ ληφθέντα μέτρα. Αἱ ἁρμόδιαι ὑπηρεσίαι ἔλαβον ἐντολὴν νὰ προβοῦν εἰς τὰς ἀναγκαίας ἐνεργείας διὰ τὴν ταχυτέραν διεκπεραίωσιν τῶν ὑποθέσεων. Ἐν τῷ μεταξὺ συνεχίζονται αἱ συσκέψεις μεταξὺ τῶν ἐνδιαφερομένων παραγόντων, ὥστε νὰ ἐξευρεθῇ ἡ καλυτέρα λύσις.

Η ΔΡΑΣΙΣ ΤΩΝ ΤΡΟΧΩΝ

Ἀνεκοινώθη σήμερον ὅτι κατόπιν ἀποφάσεως τῆς Κυβερνήσεως καὶ κατὰ τὰς σχετικὰς διατάξεις τοῦ νόμου θὰ ἐφαρμοσθοῦν τὰ ληφθέντα μέτρα. Αἱ ἁρμόδιαι ὑπηρεσίαι ἔλαβον ἐντολὴν νὰ προβοῦν εἰς τὰς ἀναγκαίας ἐνεργείας διὰ τὴν ταχυτέραν διεκπεραίωσιν τῶν ὑποθέσεων. Ἐν τῷ μεταξὺ συνεχίζονται αἱ συσκέψεις μεταξὺ τῶν ἐνδιαφερομένων παραγόντων, ὥστε νὰ ἐξευρεθῇ ἡ καλυτέρα λύσις.

ΕΙΣ ΔΩΔΕΚΑΝΗΣΟΝ

Ἀνεκοινώθη σήμερον ὅτι κατόπιν ἀποφάσεως τῆς Κυβερνήσεως καὶ κατὰ τὰς σχετικὰς διατάξεις τοῦ νόμου θὰ ἐφαρμοσθοῦν τὰ ληφθέντα μέτρα. Αἱ ἁρμόδιαι ὑπηρεσίαι ἔλαβον ἐντολὴν νὰ προβοῦν εἰς τὰς ἀναγκαίας ἐνεργείας διὰ τὴν ταχυτέραν διεκπεραίωσιν τῶν ὑποθέσεων. Ἐν τῷ μεταξὺ συνεχίζονται αἱ συσκέψεις μεταξὺ τῶν ἐνδιαφερομένων παραγόντων, ὥστε νὰ ἐξευρεθῇ ἡ καλυτέρα λύσις.

ΕΙΣ ΗΠΕΙΡΟΝ

Ἀνεκοινώθη σήμερον ὅτι κατόπιν ἀποφάσεως τῆς Κυβερνήσεως καὶ κατὰ τὰς σχετικὰς διατάξεις τοῦ νόμου θὰ ἐφαρμοσθοῦν τὰ ληφθέντα μέτρα. Αἱ ἁρμόδιαι ὑπηρεσίαι ἔλαβον ἐντολὴν νὰ προβοῦν εἰς τὰς ἀναγκαίας ἐνεργείας διὰ τὴν ταχυτέραν διεκπεραίωσιν τῶν ὑποθέσεων. Ἐν τῷ μεταξὺ συνεχίζονται αἱ συσκέψεις μεταξὺ τῶν ἐνδιαφερομένων παραγόντων, ὥστε νὰ ἐξευρεθῇ ἡ καλυτέρα λύσις.

ΟΙ ΑΚΡΟΑΤΑΙ ΤΟΥ ΑΝΕΠΙΣΤΗΜΙΟΥ

Ἀνεκοινώθη σήμερον ὅτι κατόπιν ἀποφάσεως τῆς Κυβερνήσεως καὶ κατὰ τὰς σχετικὰς διατάξεις τοῦ νόμου θὰ ἐφαρμοσθοῦν τὰ ληφθέντα μέτρα. Αἱ ἁρμόδιαι ὑπηρεσίαι ἔλαβον ἐντολὴν νὰ προβοῦν εἰς τὰς ἀναγκαίας ἐνεργείας διὰ τὴν ταχυτέραν διεκπεραίωσιν τῶν ὑποθέσεων. Ἐν τῷ μεταξὺ συνεχίζονται αἱ συσκέψεις μεταξὺ τῶν ἐνδιαφερομένων παραγόντων, ὥστε νὰ ἐξευρεθῇ ἡ καλυτέρα λύσις.

ΔΙΑΛΥΣΙΣ Μ.Ε.Α.

Ἀνεκοινώθη σήμερον ὅτι κατόπιν ἀποφάσεως τῆς Κυβερνήσεως καὶ κατὰ τὰς σχετικὰς διατάξεις τοῦ νόμου θὰ ἐφαρμοσθοῦν τὰ ληφθέντα μέτρα. Αἱ ἁρμόδιαι ὑπηρεσίαι ἔλαβον ἐντολὴν νὰ προβοῦν εἰς τὰς ἀναγκαίας ἐνεργείας διὰ τὴν ταχυτέραν διεκπεραίωσιν τῶν ὑποθέσεων. Ἐν τῷ μεταξὺ συνεχίζονται αἱ συσκέψεις μεταξὺ τῶν ἐνδιαφερομένων παραγόντων, ὥστε νὰ ἐξευρεθῇ ἡ καλυτέρα λύσις.

ΑΝΑΤΡΟΠΗ ΑΥΤΟΚΙΝΗΤΟΥ

Ἀνεκοινώθη σήμερον ὅτι κατόπιν ἀποφάσεως τῆς Κυβερνήσεως καὶ κατὰ τὰς σχετικὰς διατάξεις τοῦ νόμου θὰ ἐφαρμοσθοῦν τὰ ληφθέντα μέτρα. Αἱ ἁρμόδιαι ὑπηρεσίαι ἔλαβον ἐντολὴν νὰ προβοῦν εἰς τὰς ἀναγκαίας ἐνεργείας διὰ τὴν ταχυτέραν διεκπεραίωσιν τῶν ὑποθέσεων. Ἐν τῷ μεταξὺ συνεχίζονται αἱ συσκέψεις μεταξὺ τῶν ἐνδιαφερομένων παραγόντων, ὥστε νὰ ἐξευρεθῇ ἡ καλυτέρα λύσις.

ΣΥΝΕΡΧΟΝΤΑΙ ΕΝ ΟΥΑΣΙΓΚΤΩΝ ΟΙ ΥΠΟΥΡΓΟΙ ΕΞΩΤΕΡΙΚΩΝ ΗΝΩΜΕΝΩΝ ΠΟΛΙΤΕΙΩΝ, Μ. ΒΡΕΤΑΝΝΙΑΣ ΚΑΙ ΓΑΛΛΙΑΣ ΔΙΑ ΝΑ ΕΞΕΤΑΣΟΥΝ ΟΛΑ ΤΑ ΕΚΚΡΕΜΗ ΖΗΤΗΜΑΤΑ

ΟΥΑΣΙΓΚΤΩΝ, 23. («Ι. ὑπ.).— Ἀνεκοινώθη σήμερον ὅτι οἱ ὑπουργοὶ τῶν Ἐξωτερικῶν τῶν Ἡνωμένων Πολιτειῶν, τῆς Μ. Βρεταννίας καὶ τῆς Γαλλίας θὰ συνέλθουν εἰς διάσκεψιν ἐν Οὐασιγκτῶνι τὸν Σεπτέμβριον.

Ἀνεκοινώθη σήμερον ὅτι κατόπιν ἀποφάσεως τῆς Κυβερνήσεως καὶ κατὰ τὰς σχετικὰς διατάξεις τοῦ νόμου θὰ ἐφαρμοσθοῦν τὰ ληφθέντα μέτρα. Αἱ ἁρμόδιαι ὑπηρεσίαι ἔλαβον ἐντολὴν νὰ προβοῦν εἰς τὰς ἀναγκαίας ἐνεργείας διὰ τὴν ταχυτέραν διεκπεραίωσιν τῶν ὑποθέσεων. Ἐν τῷ μεταξὺ συνεχίζονται αἱ συσκέψεις μεταξὺ τῶν ἐνδιαφερομένων παραγόντων, ὥστε νὰ ἐξευρεθῇ ἡ καλυτέρα λύσις.

Ο Κ. ΤΡΟΥΜΑΝ ΔΙΑ ΤΗΝ ΔΙΑΚΟΠΗΝ ΤΩΝ ΣΥΝΟΜΙΛΙΩΝ ΕΝ ΚΑΕΖΟΓΚ
ΕΚΦΡΑΖΟΝΤΑΙ ΣΟΒΑΡΩΤΑΤΑΙ ΑΝΗΣΥΧΙΑΙ ΕΙΣ ΤΟΝ Ο.Η.Ε. ΥΠΕΡΤΙΜΗΘΗΣΑΝ ΤΑ ΕΙΔΗ ΠΡΩΤΗΣ ΑΝΑΓΚΗΣ ΕΙΣ Ν. ΥΟΡΚΗΝ

ΟΥΑΣΙΓΚΤΩΝ, 23. («Ι. ὑπ.).— Ὁ πρόεδρος Τροῦμαν κατηγόρησε σήμερον τοὺς κομμουνιστὰς διὰ τὴν διακοπὴν τῶν συνομιλιῶν ἐν Καεσόγκ.

Ἀνεκοινώθη σήμερον ὅτι κατόπιν ἀποφάσεως τῆς Κυβερνήσεως καὶ κατὰ τὰς σχετικὰς διατάξεις τοῦ νόμου θὰ ἐφαρμοσθοῦν τὰ ληφθέντα μέτρα. Αἱ ἁρμόδιαι ὑπηρεσίαι ἔλαβον ἐντολὴν νὰ προβοῦν εἰς τὰς ἀναγκαίας ἐνεργείας διὰ τὴν ταχυτέραν διεκπεραίωσιν τῶν ὑποθέσεων. Ἐν τῷ μεταξὺ συνεχίζονται αἱ συσκέψεις μεταξὺ τῶν ἐνδιαφερομένων παραγόντων, ὥστε νὰ ἐξευρεθῇ ἡ καλυτέρα λύσις.

Ἀνεκοινώθη σήμερον ὅτι κατόπιν ἀποφάσεως τῆς Κυβερνήσεως καὶ κατὰ τὰς σχετικὰς διατάξεις τοῦ νόμου θὰ ἐφαρμοσθοῦν τὰ ληφθέντα μέτρα. Αἱ ἁρμόδιαι ὑπηρεσίαι ἔλαβον ἐντολὴν νὰ προβοῦν εἰς τὰς ἀναγκαίας ἐνεργείας διὰ τὴν ταχυτέραν διεκπεραίωσιν τῶν ὑποθέσεων. Ἐν τῷ μεταξὺ συνεχίζονται αἱ συσκέψεις μεταξὺ τῶν ἐνδιαφερομένων παραγόντων, ὥστε νὰ ἐξευρεθῇ ἡ καλυτέρα λύσις.

ΣΥΝΗΛΘΟΝ ΟΙ ΑΝΤΙΠΡΟΣΩΠΟΙ ΤΩΝ ΜΑΧΟΜΕΝΩΝ ΕΝ ΚΟΡΕΑ ΚΑΙ ΕΛΑΒΟΝ ΓΝΩΣΙΝ ΤΗΣ ΔΙΑΚΟΠΗΣ ΤΩΝ ΔΙΑΠΡΑΓΜΑΤΕΥΣΕΩΝ

ΟΥΑΣΙΓΚΤΩΝ, 23. («Ι. ὑπ.).— Ἀνεκοινώθη ἁρμοδίως ὅτι σήμερον τὴν πρωΐαν συνῆλθον εἰς τὸ Στέιτ Ντηπάρτμεντ οἱ ἀντιπρόσωποι τῶν χωρῶν αἱ ὁποῖαι μάχονται ἐν Κορέᾳ.

Ἀνεκοινώθη σήμερον ὅτι κατόπιν ἀποφάσεως τῆς Κυβερνήσεως καὶ κατὰ τὰς σχετικὰς διατάξεις τοῦ νόμου θὰ ἐφαρμοσθοῦν τὰ ληφθέντα μέτρα. Αἱ ἁρμόδιαι ὑπηρεσίαι ἔλαβον ἐντολὴν νὰ προβοῦν εἰς τὰς ἀναγκαίας ἐνεργείας διὰ τὴν ταχυτέραν διεκπεραίωσιν τῶν ὑποθέσεων. Ἐν τῷ μεταξὺ συνεχίζονται αἱ συσκέψεις μεταξὺ τῶν ἐνδιαφερομένων παραγόντων, ὥστε νὰ ἐξευρεθῇ ἡ καλυτέρα λύσις.

Ο ΤΥΠΟΣ ΤΗΣ ΣΟΒ. ΕΝΩΣΕΩΣ ΚΑΤΗΓΟΡΕΙ ΤΗΝ ΤΟΥΡΚΙΑΝ ΟΤΙ ΜΕΤΕΒΑΛΗ ΕΙΣ ΑΜΕΡΙΚΑΝΙΚΗΝ ΣΤΡΑΤΗΓ. ΠΡΟΓΕΦΥΡΩΜΑ

ΛΟΝΔΙΝΟΝ, 23. («Ι. ὑπ.).— Ἡ σοβιετικὴ ἐφημερὶς «Ἐρυθρὸς Στόλος» κατηγορεῖ τὴν Τουρκίαν ὅτι μετεβλήθη εἰς ἀμερικανικὸν στρατηγικὸν προγεφύρωμα.

Ἀνεκοινώθη σήμερον ὅτι κατόπιν ἀποφάσεως τῆς Κυβερνήσεως καὶ κατὰ τὰς σχετικὰς διατάξεις τοῦ νόμου θὰ ἐφαρμοσθοῦν τὰ ληφθέντα μέτρα. Αἱ ἁρμόδιαι ὑπηρεσίαι ἔλαβον ἐντολὴν νὰ προβοῦν εἰς τὰς ἀναγκαίας ἐνεργείας διὰ τὴν ταχυτέραν διεκπεραίωσιν τῶν ὑποθέσεων. Ἐν τῷ μεταξὺ συνεχίζονται αἱ συσκέψεις μεταξὺ τῶν ἐνδιαφερομένων παραγόντων, ὥστε νὰ ἐξευρεθῇ ἡ καλυτέρα λύσις.

Η ΣΥΜΜΕΤΟΧΗ ΤΗΣ ΙΣΠΑΝΙΑΣ ΕΙΣ ΤΗΝ ΔΥΤΙΚΗΝ ΑΜΥΝΑΝ

ΛΟΝΔΙΝΟΝ, 23. («Ι. ὑπ.).— Κατὰ πληροφορίας ἐκ Μαδρίτης, ἡ συμμετοχὴ τῆς Ἱσπανίας εἰς τὴν δυτικὴν ἄμυναν συζητεῖται.

Ἀνεκοινώθη σήμερον ὅτι κατόπιν ἀποφάσεως τῆς Κυβερνήσεως καὶ κατὰ τὰς σχετικὰς διατάξεις τοῦ νόμου θὰ ἐφαρμοσθοῦν τὰ ληφθέντα μέτρα. Αἱ ἁρμόδιαι ὑπηρεσίαι ἔλαβον ἐντολὴν νὰ προβοῦν εἰς τὰς ἀναγκαίας ἐνεργείας διὰ τὴν ταχυτέραν διεκπεραίωσιν τῶν ὑποθέσεων. Ἐν τῷ μεταξὺ συνεχίζονται αἱ συσκέψεις μεταξὺ τῶν ἐνδιαφερομένων παραγόντων, ὥστε νὰ ἐξευρεθῇ ἡ καλυτέρα λύσις.

Η ΓΙΟΥΓΚΟΣΛΑΥΙΑ ΕΙΣ ΕΚΔΟΣΗ ΕΙΔΙΚΟΥΣ ΚΑΝΟΝΙΣΜΟΥΣ ΔΙΑ ΤΗΝ ΡΥΘΜΙΣΙΝ ΤΗΣ ΝΑΥΣΙΠΛΟΪΑΣ ΕΙΣ ΤΟΝ ΔΟΥΝΑΒΙΝ

ΛΟΝΔΙΝΟΝ, 23. («Ι. ὑπ.).— Κατὰ τηλεγραφήματα ἐκ Βελιγραδίου, ἡ γιουγκοσλαυϊκὴ κυβέρνησις ἐξέδωσε κανονισμοὺς διὰ τὴν ναυσιπλοΐαν.

Ἀνεκοινώθη σήμερον ὅτι κατόπιν ἀποφάσεως τῆς Κυβερνήσεως καὶ κατὰ τὰς σχετικὰς διατάξεις τοῦ νόμου θὰ ἐφαρμοσθοῦν τὰ ληφθέντα μέτρα. Αἱ ἁρμόδιαι ὑπηρεσίαι ἔλαβον ἐντολὴν νὰ προβοῦν εἰς τὰς ἀναγκαίας ἐνεργείας διὰ τὴν ταχυτέραν διεκπεραίωσιν τῶν ὑποθέσεων. Ἐν τῷ μεταξὺ συνεχίζονται αἱ συσκέψεις μεταξὺ τῶν ἐνδιαφερομένων παραγόντων, ὥστε νὰ ἐξευρεθῇ ἡ καλυτέρα λύσις.

Ο ΕΠΙΝ ΠΡΕΣΒΕΥΤΗΣ Κ. ΠΟΙΜΗΤΗΣ ΕΠΕΣΗΜΕΙ ΔΙΑΤΙ Η ΕΛΛΑΣ ΠΡΕΠΕΙ ΝΑ ΕΙΣΑΧΘΗ ΕΙΣ ΤΟ ΑΤΛΑΝΤΙΚΟΝ ΣΥΜΦΩΝΟΝ

ΟΥΑΣΙΓΚΤΩΝ, 23. («Ι. ὑπ.).— Εἰς ἄρθρον του ὁ πρώην πρεσβευτὴς τονίζει τὴν ἀνάγκην τῆς εἰσαγωγῆς τῆς Ἑλλάδος εἰς τὸ Ἀτλαντικὸν Σύμφωνον.

ΟΙ ΚΥΠΡΙΟΙ ΔΙΑ ΤΑ ΕΚΛΟΓΙΚΑ ΠΡΟΓΡΑΜΜΑΤΑ

Κατ' ἀνακοίνωσιν τοῦ Γραφείου Ἐθναρχίας Κύπρου οἱ πολῖται τῆς νήσου παρακολουθοῦν μετ' ἐνδιαφέροντος τὰ ἐκλογικὰ προγράμματα τῶν ἑλληνικῶν κομμάτων.

Ο ΒΡΕΤΑΝΝΟΣ ΠΡΩΘΥΠΟΥΡΓΟΣ ΑΠΗΥΘΥΝΕ ΜΗΝΥΜΑ
ΠΡΟΣ ΤΟ ΠΡΟΣΩΠΙΚΟΝ ΤΗΣ ΑΓΓΛΟΠΕΡΣΙΚΗΣ ΕΤΑΙΡΙΑΣ
ΑΜΥΔΡΑΙ ΕΛΠΙΔΕΣ ΕΠΑΝΑΛΗΨΕΩΣ ΤΗΣ ΣΥΖΗΤΗΣΕΩΝ

ΛΟΝΔΙΝΟΝ, 23. («Ι. ὑπ.).— Ὁ Βρεταννὸς πρωθυπουργὸς κ. Κλέμεντ Ἄττλη ἀπηύθυνε σήμερον μήνυμα πρὸς τὸ προσωπικὸν τῆς Ἀγγλοπερσικῆς Ἑταιρίας Πετρελαίων, διὰ τοῦ ὁποίου ἐκφράζει τὴν εὐγνωμοσύνην τῆς κυβερνήσεως διὰ τὸ ἔργον τὸ ὁποῖον ἐπιτελοῦν ὑπὸ δυσχερεῖς συνθήκας.

Ἀνεκοινώθη σήμερον ὅτι κατόπιν ἀποφάσεως τῆς Κυβερνήσεως καὶ κατὰ τὰς σχετικὰς διατάξεις τοῦ νόμου θὰ ἐφαρμοσθοῦν τὰ ληφθέντα μέτρα. Αἱ ἁρμόδιαι ὑπηρεσίαι ἔλαβον ἐντολὴν νὰ προβοῦν εἰς τὰς ἀναγκαίας ἐνεργείας διὰ τὴν ταχυτέραν διεκπεραίωσιν τῶν ὑποθέσεων. Ἐν τῷ μεταξὺ συνεχίζονται αἱ συσκέψεις μεταξὺ τῶν ἐνδιαφερομένων παραγόντων, ὥστε νὰ ἐξευρεθῇ ἡ καλυτέρα λύσις.

Ἡ Μεγάλη Βρεταννία προσβλέπει ταὐτοχρόνως πρὸς τὴν Περσίαν, ὅτι θὰ προστατευθοῦν τὰ συμφέροντα τῶν ἐργαζομένων. Ἀμυδραὶ ἐλπίδες ὑπάρχουν διὰ τὴν ἐπανάληψιν τῶν συζητήσεων μεταξὺ τῶν δύο πλευρῶν.

Ὁ ἀποσταλεὶς τῆς Μ. Βρεταννίας κ. Ρίτσαρντ Στόουκς, ἐπιστρέφων εἰς Λονδῖνον, θὰ ὑποβάλῃ ἔκθεσιν περὶ τῆς καταστάσεως εἰς τὸ Ἀβαδάν καὶ περὶ τῶν προοπτικῶν τῶν διαπραγματεύσεων.

Ἀνεκοινώθη σήμερον ὅτι κατόπιν ἀποφάσεως τῆς Κυβερνήσεως καὶ κατὰ τὰς σχετικὰς διατάξεις τοῦ νόμου θὰ ἐφαρμοσθοῦν τὰ ληφθέντα μέτρα. Αἱ ἁρμόδιαι ὑπηρεσίαι ἔλαβον ἐντολὴν νὰ προβοῦν εἰς τὰς ἀναγκαίας ἐνεργείας διὰ τὴν ταχυτέραν διεκπεραίωσιν τῶν ὑποθέσεων. Ἐν τῷ μεταξὺ συνεχίζονται αἱ συσκέψεις μεταξὺ τῶν ἐνδιαφερομένων παραγόντων, ὥστε νὰ ἐξευρεθῇ ἡ καλυτέρα λύσις.
